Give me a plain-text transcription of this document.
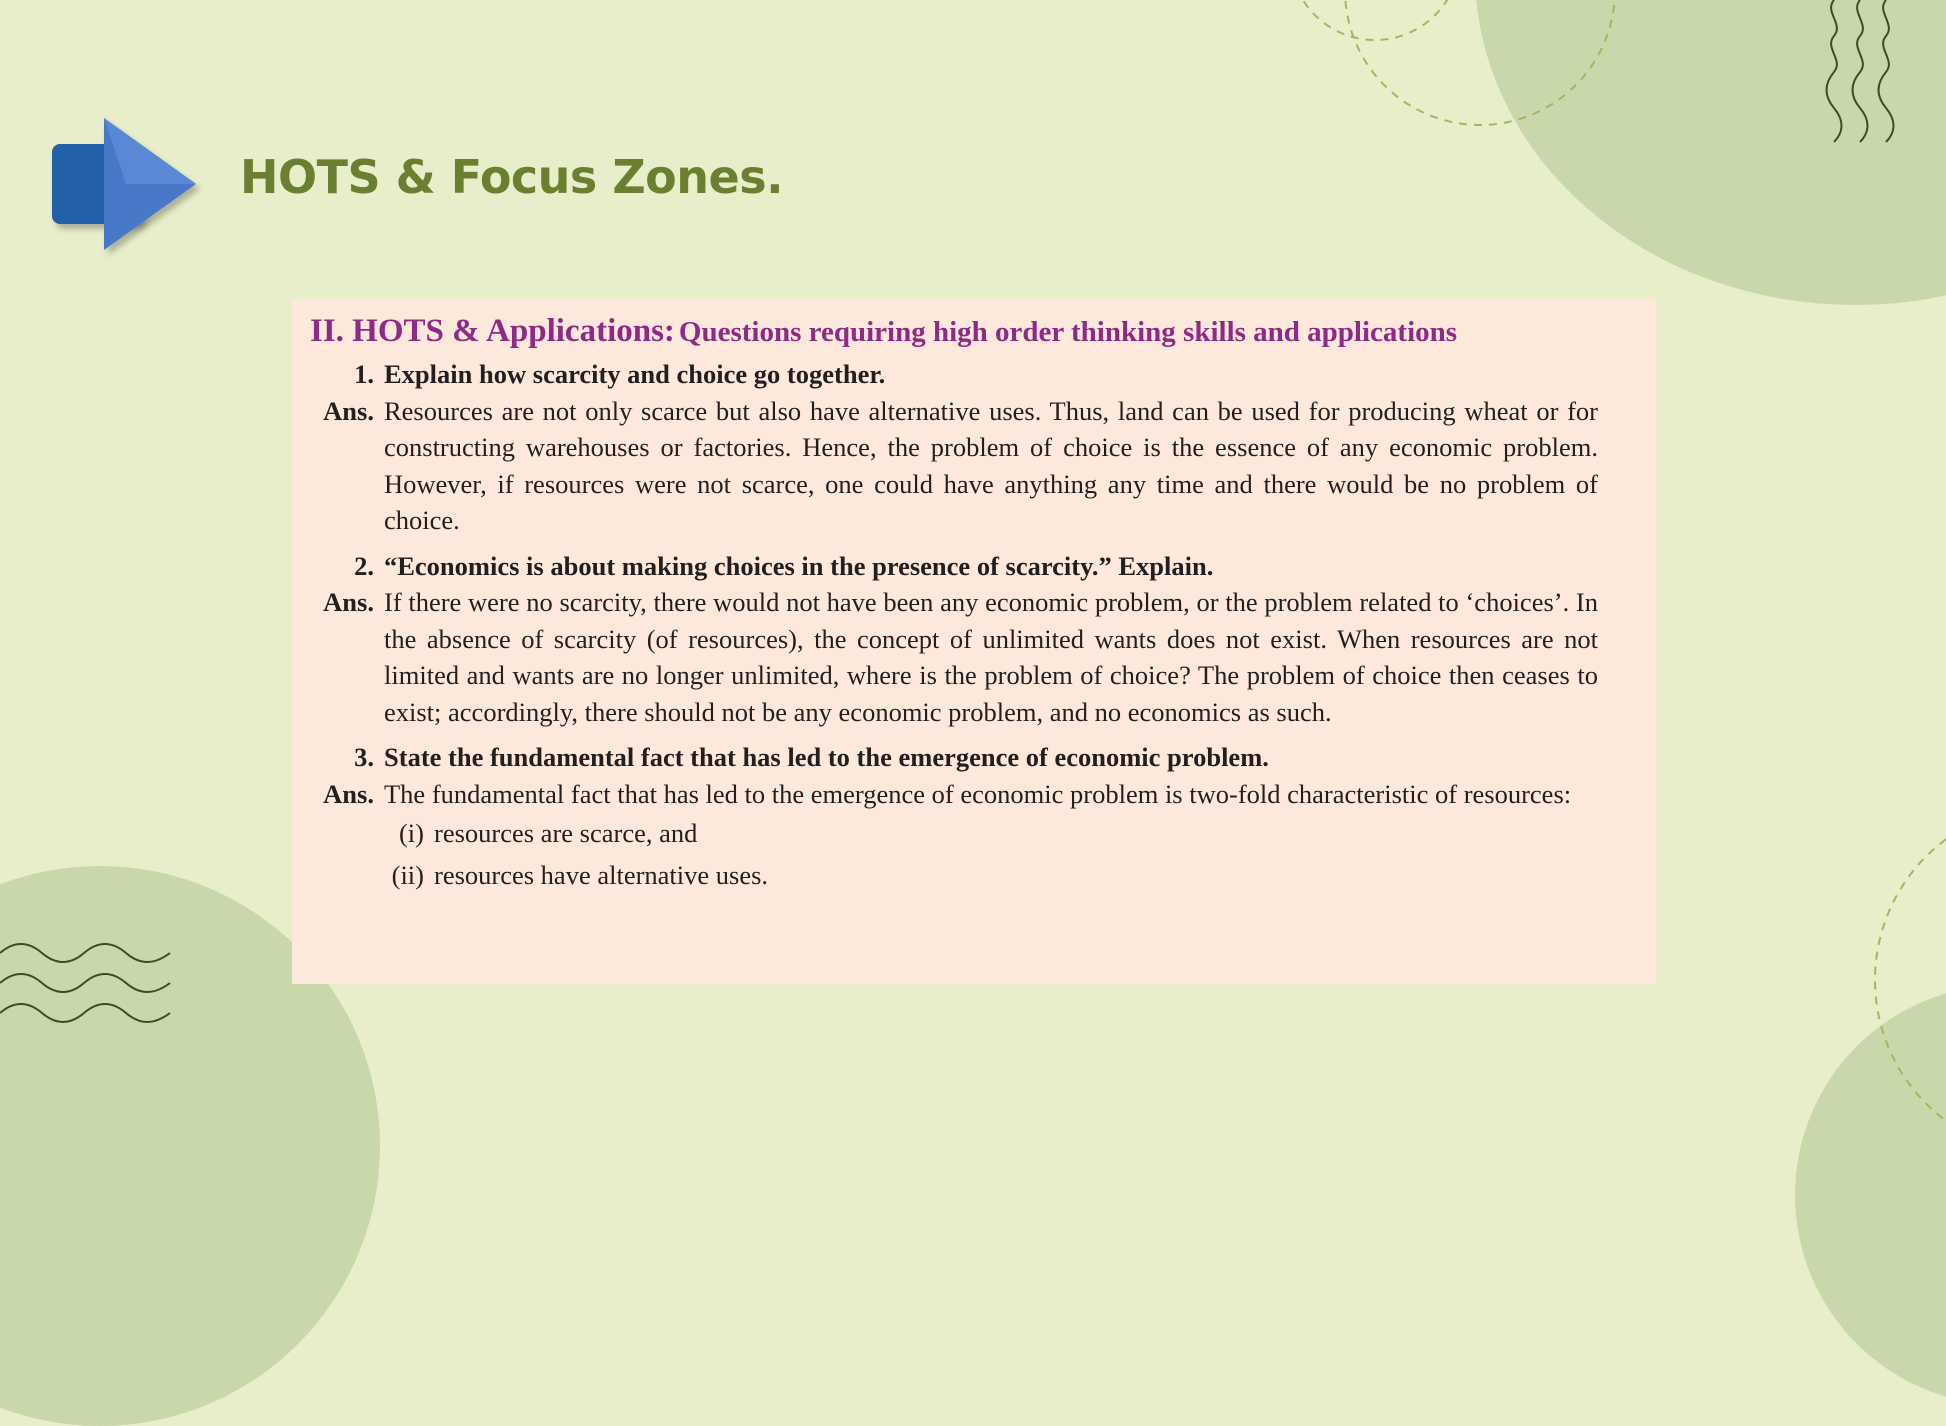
HOTS & Focus Zones.
II. HOTS & Applications: Questions requiring high order thinking skills and applications
1. Explain how scarcity and choice go together.
Ans. Resources are not only scarce but also have alternative uses. Thus, land can be used for producing wheat or for constructing warehouses or factories. Hence, the problem of choice is the essence of any economic problem. However, if resources were not scarce, one could have anything any time and there would be no problem of choice.
2. “Economics is about making choices in the presence of scarcity.” Explain.
Ans. If there were no scarcity, there would not have been any economic problem, or the problem related to ‘choices’. In the absence of scarcity (of resources), the concept of unlimited wants does not exist. When resources are not limited and wants are no longer unlimited, where is the problem of choice? The problem of choice then ceases to exist; accordingly, there should not be any economic problem, and no economics as such.
3. State the fundamental fact that has led to the emergence of economic problem.
Ans. The fundamental fact that has led to the emergence of economic problem is two-fold characteristic of resources:
(i) resources are scarce, and
(ii) resources have alternative uses.
